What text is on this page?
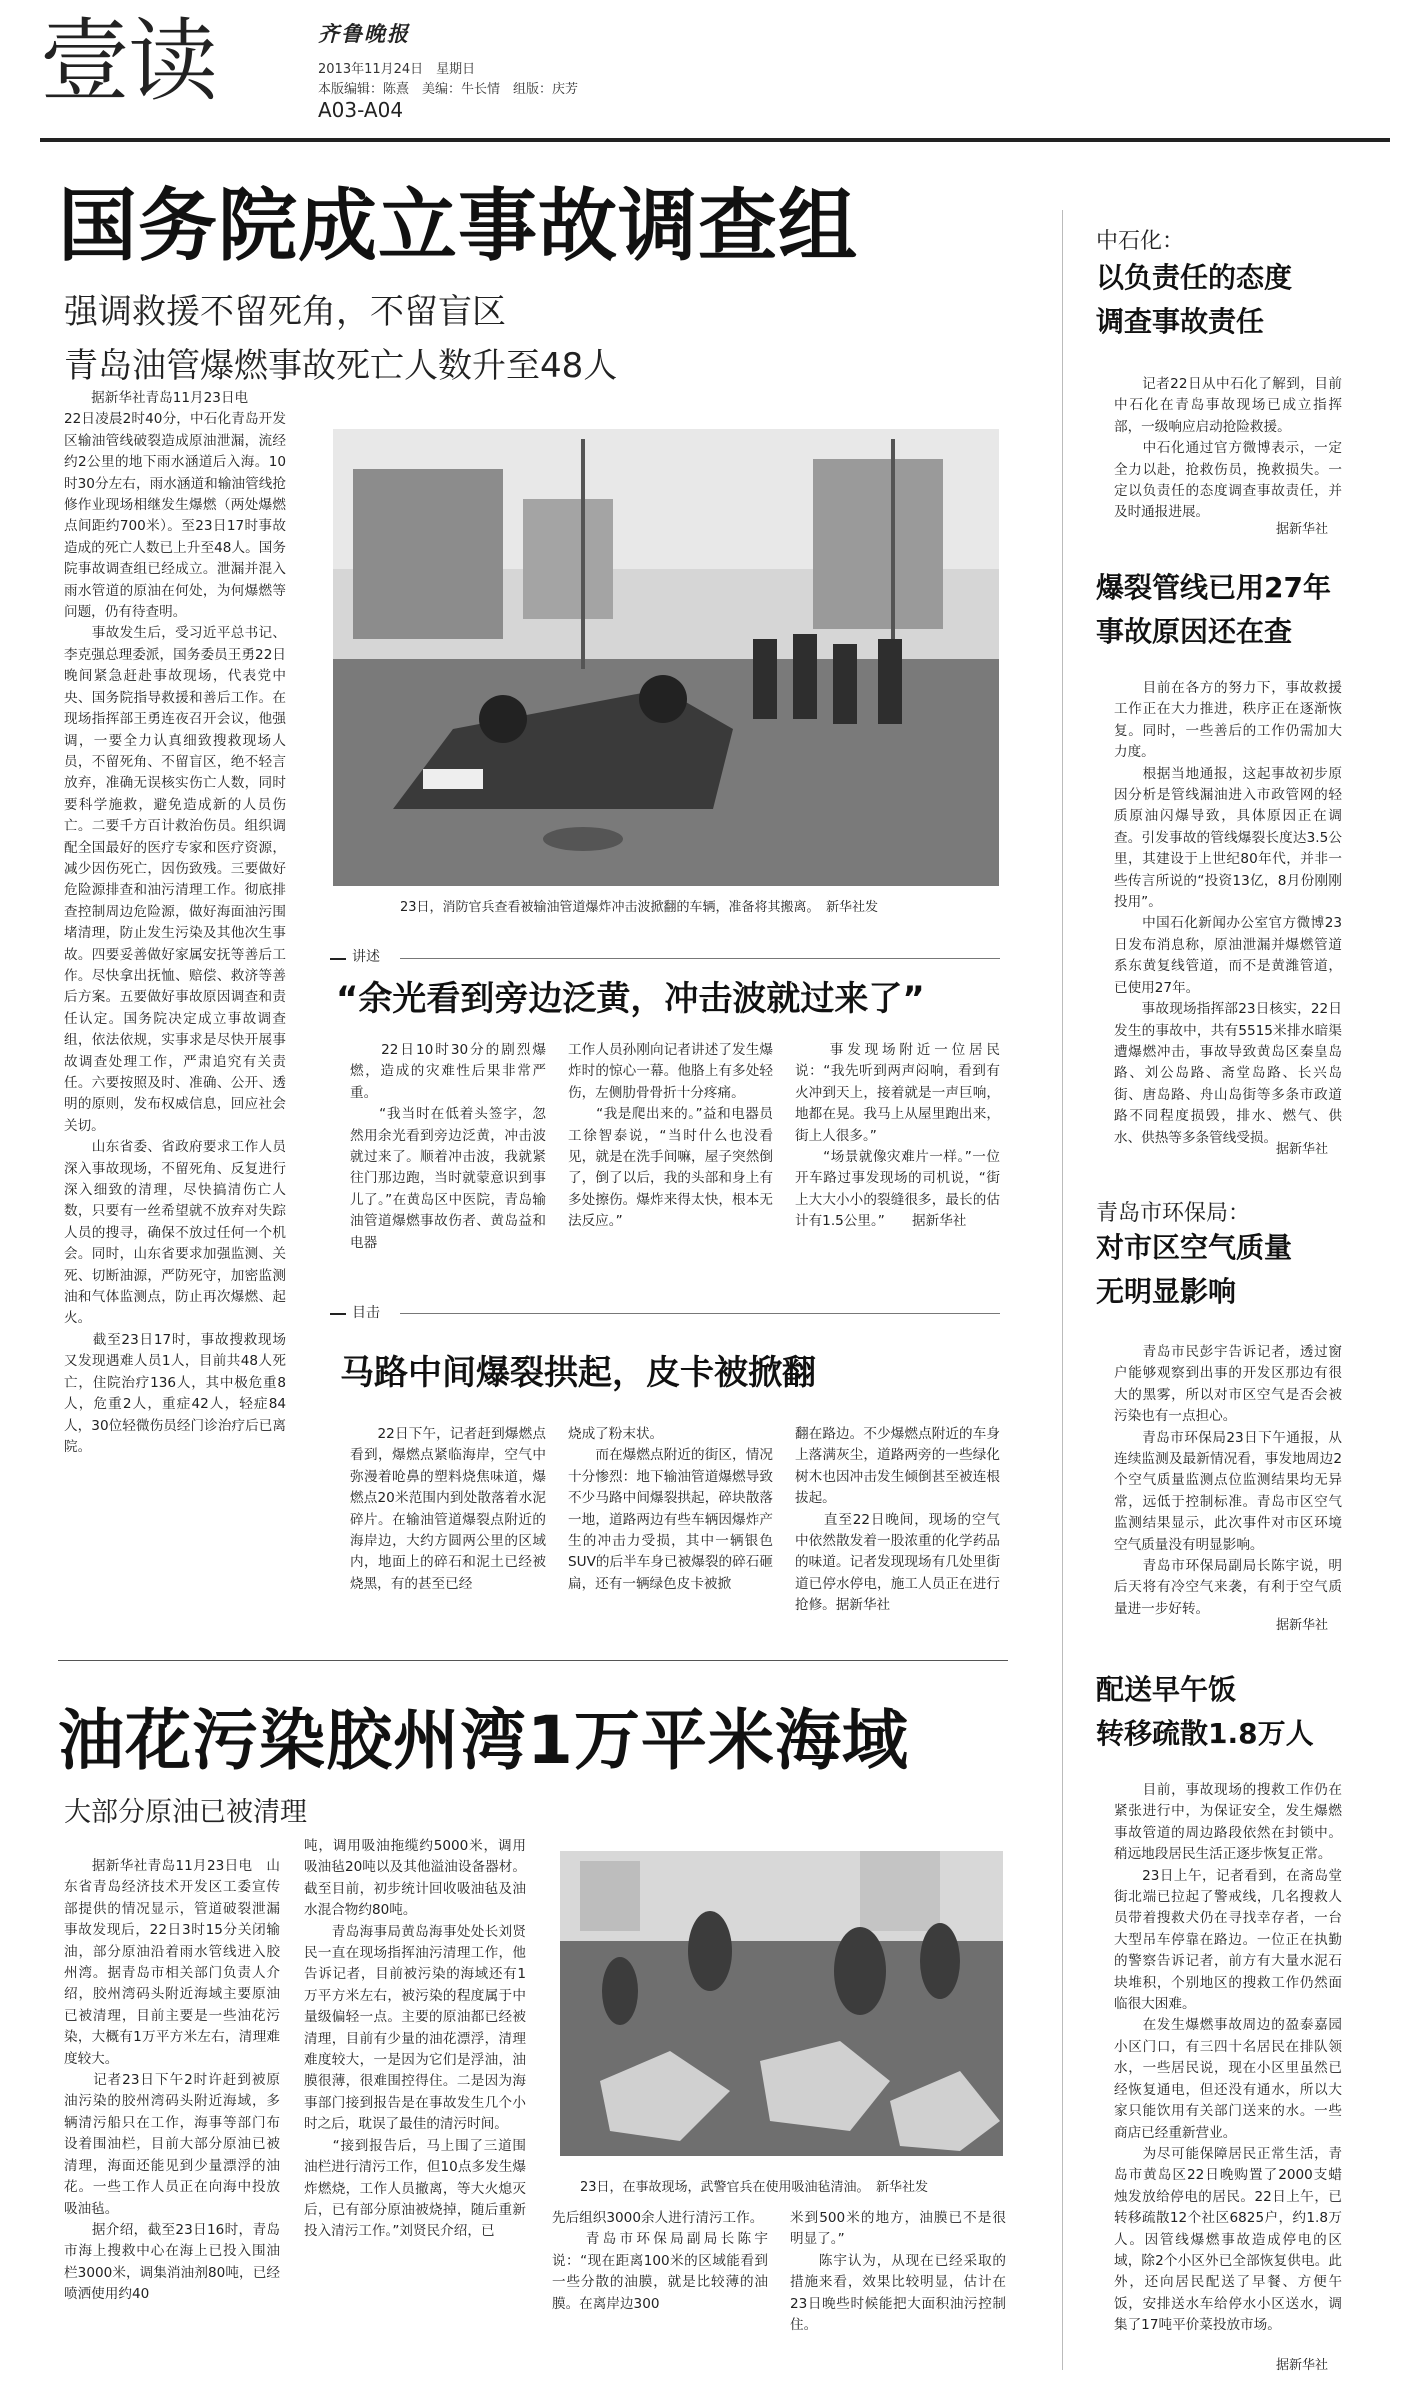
壹读	齐鲁晚报
2013年11月24日　星期日
本版编辑：陈熹　美编：牛长情　组版：庆芳
A03-A04
国务院成立事故调查组
强调救援不留死角，不留盲区
青岛油管爆燃事故死亡人数升至48人
　　据新华社青岛11月23日电
22日凌晨2时40分，中石化青岛开发区输油管线破裂造成原油泄漏，流经约2公里的地下雨水涵道后入海。10时30分左右，雨水涵道和输油管线抢修作业现场相继发生爆燃（两处爆燃点间距约700米）。至23日17时事故造成的死亡人数已上升至48人。国务院事故调查组已经成立。泄漏并混入雨水管道的原油在何处，为何爆燃等问题，仍有待查明。
　　事故发生后，受习近平总书记、李克强总理委派，国务委员王勇22日晚间紧急赶赴事故现场，代表党中央、国务院指导救援和善后工作。在现场指挥部王勇连夜召开会议，他强调，一要全力认真细致搜救现场人员，不留死角、不留盲区，绝不轻言放弃，准确无误核实伤亡人数，同时要科学施救，避免造成新的人员伤亡。二要千方百计救治伤员。组织调配全国最好的医疗专家和医疗资源，减少因伤死亡，因伤致残。三要做好危险源排查和油污清理工作。彻底排查控制周边危险源，做好海面油污围堵清理，防止发生污染及其他次生事故。四要妥善做好家属安抚等善后工作。尽快拿出抚恤、赔偿、救济等善后方案。五要做好事故原因调查和责任认定。国务院决定成立事故调查组，依法依规，实事求是尽快开展事故调查处理工作，严肃追究有关责任。六要按照及时、准确、公开、透明的原则，发布权威信息，回应社会关切。
　　山东省委、省政府要求工作人员深入事故现场，不留死角、反复进行深入细致的清理，尽快搞清伤亡人数，只要有一丝希望就不放弃对失踪人员的搜寻，确保不放过任何一个机会。同时，山东省要求加强监测、关死、切断油源，严防死守，加密监测油和气体监测点，防止再次爆燃、起火。
　　截至23日17时，事故搜救现场又发现遇难人员1人，目前共48人死亡，住院治疗136人，其中极危重8人，危重2人，重症42人，轻症84人，30位轻微伤员经门诊治疗后已离院。
23日，消防官兵查看被输油管道爆炸冲击波掀翻的车辆，准备将其搬离。　新华社发
讲述
“余光看到旁边泛黄，冲击波就过来了”
　　22日10时30分的剧烈爆燃，造成的灾难性后果非常严重。
　　“我当时在低着头签字，忽然用余光看到旁边泛黄，冲击波就过来了。顺着冲击波，我就紧往门那边跑，当时就蒙意识到事儿了。”在黄岛区中医院，青岛输油管道爆燃事故伤者、黄岛益和电器
工作人员孙刚向记者讲述了发生爆炸时的惊心一幕。他胳上有多处轻伤，左侧肋骨骨折十分疼痛。
　　“我是爬出来的。”益和电器员工徐智泰说，“当时什么也没看见，就是在洗手间嘛，屋子突然倒了，倒了以后，我的头部和身上有多处擦伤。爆炸来得太快，根本无法反应。”
　　事发现场附近一位居民说：“我先听到两声闷响，看到有火冲到天上，接着就是一声巨响，地都在晃。我马上从屋里跑出来，街上人很多。”
　　“场景就像灾难片一样。”一位开车路过事发现场的司机说，“街上大大小小的裂缝很多，最长的估计有1.5公里。”　　据新华社
目击
马路中间爆裂拱起，皮卡被掀翻
　　22日下午，记者赶到爆燃点看到，爆燃点紧临海岸，空气中弥漫着呛鼻的塑料烧焦味道，爆燃点20米范围内到处散落着水泥碎片。在输油管道爆裂点附近的海岸边，大约方圆两公里的区域内，地面上的碎石和泥土已经被烧黑，有的甚至已经
烧成了粉末状。
　　而在爆燃点附近的街区，情况十分惨烈：地下输油管道爆燃导致不少马路中间爆裂拱起，碎块散落一地，道路两边有些车辆因爆炸产生的冲击力受损，其中一辆银色SUV的后半车身已被爆裂的碎石砸扁，还有一辆绿色皮卡被掀
翻在路边。不少爆燃点附近的车身上落满灰尘，道路两旁的一些绿化树木也因冲击发生倾倒甚至被连根拔起。
　　直至22日晚间，现场的空气中依然散发着一股浓重的化学药品的味道。记者发现现场有几处里街道已停水停电，施工人员正在进行抢修。据新华社
油花污染胶州湾1万平米海域
大部分原油已被清理
　　据新华社青岛11月23日电　山东省青岛经济技术开发区工委宣传部提供的情况显示，管道破裂泄漏事故发现后，22日3时15分关闭输油，部分原油沿着雨水管线进入胶州湾。据青岛市相关部门负责人介绍，胶州湾码头附近海域主要原油已被清理，目前主要是一些油花污染，大概有1万平方米左右，清理难度较大。
　　记者23日下午2时许赶到被原油污染的胶州湾码头附近海域，多辆清污船只在工作，海事等部门布设着围油栏，目前大部分原油已被清理，海面还能见到少量漂浮的油花。一些工作人员正在向海中投放吸油毡。
　　据介绍，截至23日16时，青岛市海上搜救中心在海上已投入围油栏3000米，调集消油剂80吨，已经喷洒使用约40
吨，调用吸油拖缆约5000米，调用吸油毡20吨以及其他溢油设备器材。截至目前，初步统计回收吸油毡及油水混合物约80吨。
　　青岛海事局黄岛海事处处长刘贤民一直在现场指挥油污清理工作，他告诉记者，目前被污染的海域还有1万平方米左右，被污染的程度属于中量级偏轻一点。主要的原油都已经被清理，目前有少量的油花漂浮，清理难度较大，一是因为它们是浮油，油膜很薄，很难围控得住。二是因为海事部门接到报告是在事故发生几个小时之后，耽误了最佳的清污时间。
　　“接到报告后，马上围了三道围油栏进行清污工作，但10点多发生爆炸燃烧，工作人员撤离，等大火熄灭后，已有部分原油被烧掉，随后重新投入清污工作。”刘贤民介绍，已
23日，在事故现场，武警官兵在使用吸油毡清油。　新华社发
先后组织3000余人进行清污工作。
　　青岛市环保局副局长陈宇说：“现在距离100米的区域能看到一些分散的油膜，就是比较薄的油膜。在离岸边300
米到500米的地方，油膜已不是很明显了。”
　　陈宇认为，从现在已经采取的措施来看，效果比较明显，估计在23日晚些时候能把大面积油污控制住。
中石化：
以负责任的态度
调查事故责任
　　记者22日从中石化了解到，目前中石化在青岛事故现场已成立指挥部，一级响应启动抢险救援。
　　中石化通过官方微博表示，一定全力以赴，抢救伤员，挽救损失。一定以负责任的态度调查事故责任，并及时通报进展。
据新华社
爆裂管线已用27年
事故原因还在查
　　目前在各方的努力下，事故救援工作正在大力推进，秩序正在逐渐恢复。同时，一些善后的工作仍需加大力度。
　　根据当地通报，这起事故初步原因分析是管线漏油进入市政管网的轻质原油闪爆导致，具体原因正在调查。引发事故的管线爆裂长度达3.5公里，其建设于上世纪80年代，并非一些传言所说的“投资13亿，8月份刚刚投用”。
　　中国石化新闻办公室官方微博23日发布消息称，原油泄漏并爆燃管道系东黄复线管道，而不是黄潍管道，已使用27年。
　　事故现场指挥部23日核实，22日发生的事故中，共有5515米排水暗渠遭爆燃冲击，事故导致黄岛区秦皇岛路、刘公岛路、斋堂岛路、长兴岛街、唐岛路、舟山岛街等多条市政道路不同程度损毁，排水、燃气、供水、供热等多条管线受损。
据新华社
青岛市环保局：
对市区空气质量
无明显影响
　　青岛市民彭宇告诉记者，透过窗户能够观察到出事的开发区那边有很大的黑雾，所以对市区空气是否会被污染也有一点担心。
　　青岛市环保局23日下午通报，从连续监测及最新情况看，事发地周边2个空气质量监测点位监测结果均无异常，远低于控制标准。青岛市区空气监测结果显示，此次事件对市区环境空气质量没有明显影响。
　　青岛市环保局副局长陈宇说，明后天将有冷空气来袭，有利于空气质量进一步好转。
据新华社
配送早午饭
转移疏散1.8万人
　　目前，事故现场的搜救工作仍在紧张进行中，为保证安全，发生爆燃事故管道的周边路段依然在封锁中。稍远地段居民生活正逐步恢复正常。
　　23日上午，记者看到，在斋岛堂街北端已拉起了警戒线，几名搜救人员带着搜救犬仍在寻找幸存者，一台大型吊车停靠在路边。一位正在执勤的警察告诉记者，前方有大量水泥石块堆积，个别地区的搜救工作仍然面临很大困难。
　　在发生爆燃事故周边的盈泰嘉园小区门口，有三四十名居民在排队领水，一些居民说，现在小区里虽然已经恢复通电，但还没有通水，所以大家只能饮用有关部门送来的水。一些商店已经重新营业。
　　为尽可能保障居民正常生活，青岛市黄岛区22日晚购置了2000支蜡烛发放给停电的居民。22日上午，已转移疏散12个社区6825户，约1.8万人。因管线爆燃事故造成停电的区域，除2个小区外已全部恢复供电。此外，还向居民配送了早餐、方便午饭，安排送水车给停水小区送水，调集了17吨平价菜投放市场。
据新华社
